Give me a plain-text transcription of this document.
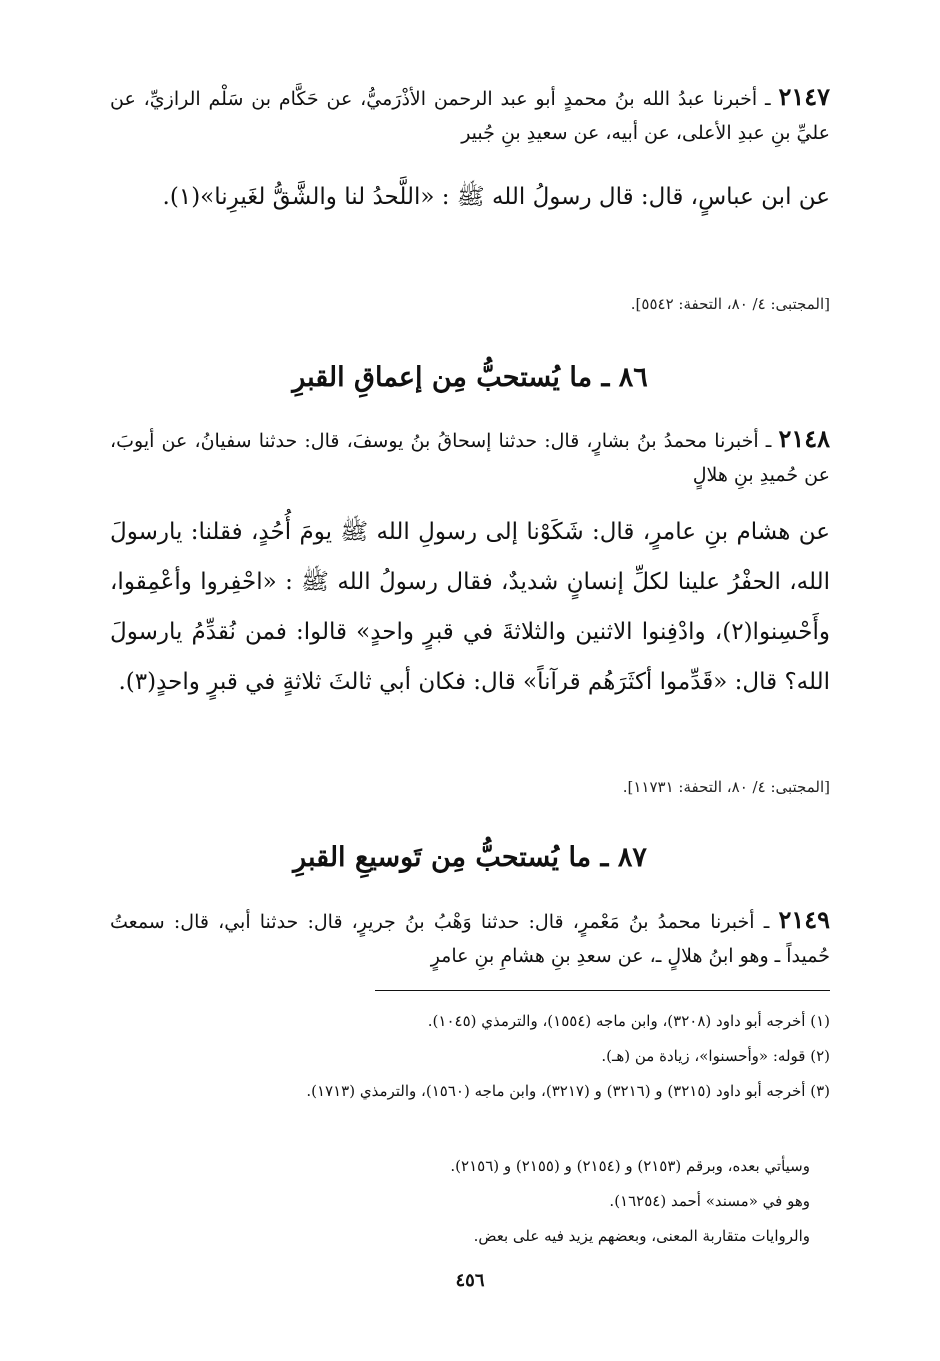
٢١٤٧ ـ أخبرنا عبدُ الله بنُ محمدٍ أبو عبد الرحمن الأذْرَميُّ، عن حَكَّام بن سَلْم الرازيِّ، عن عليِّ بنِ عبدِ الأعلى، عن أبيه، عن سعيدِ بنِ جُبير
عن ابن عباسٍ، قال: قال رسولُ الله ﷺ : «اللَّحدُ لنا والشَّقُّ لغَيرِنا»(١).
[المجتبى: ٤/ ٨٠، التحفة: ٥٥٤٢].
٨٦ ـ ما يُستحبُّ مِن إعماقِ القبرِ
٢١٤٨ ـ أخبرنا محمدُ بنُ بشارٍ، قال: حدثنا إسحاقُ بنُ يوسفَ، قال: حدثنا سفيانُ، عن أيوبَ، عن حُميدِ بنِ هلالٍ
عن هشام بنِ عامرٍ، قال: شَكَوْنا إلى رسولِ الله ﷺ يومَ أُحُدٍ، فقلنا: يارسولَ الله، الحفْرُ علينا لكلِّ إنسانٍ شديدٌ، فقال رسولُ الله ﷺ : «احْفِروا وأعْمِقوا، وأَحْسِنوا(٢)، وادْفِنوا الاثنين والثلاثةَ في قبرٍ واحدٍ» قالوا: فمن نُقدِّمُ يارسولَ الله؟ قال: «قَدِّموا أكثَرَهُم قرآناً» قال: فكان أبي ثالثَ ثلاثةٍ في قبرٍ واحدٍ(٣).
[المجتبى: ٤/ ٨٠، التحفة: ١١٧٣١].
٨٧ ـ ما يُستحبُّ مِن تَوسيعِ القبرِ
٢١٤٩ ـ أخبرنا محمدُ بنُ مَعْمرٍ، قال: حدثنا وَهْبُ بنُ جريرٍ، قال: حدثنا أبي، قال: سمعتُ حُميداً ـ وهو ابنُ هلالٍ ـ، عن سعدِ بنِ هشامِ بنِ عامرٍ
(١) أخرجه أبو داود (٣٢٠٨)، وابن ماجه (١٥٥٤)، والترمذي (١٠٤٥).
(٢) قوله: «وأحسنوا»، زيادة من (هـ).
(٣) أخرجه أبو داود (٣٢١٥) و (٣٢١٦) و (٣٢١٧)، وابن ماجه (١٥٦٠)، والترمذي (١٧١٣).
وسيأتي بعده، وبرقم (٢١٥٣) و (٢١٥٤) و (٢١٥٥) و (٢١٥٦).
وهو في «مسند» أحمد (١٦٢٥٤).
والروايات متقاربة المعنى، وبعضهم يزيد فيه على بعض.
٤٥٦
